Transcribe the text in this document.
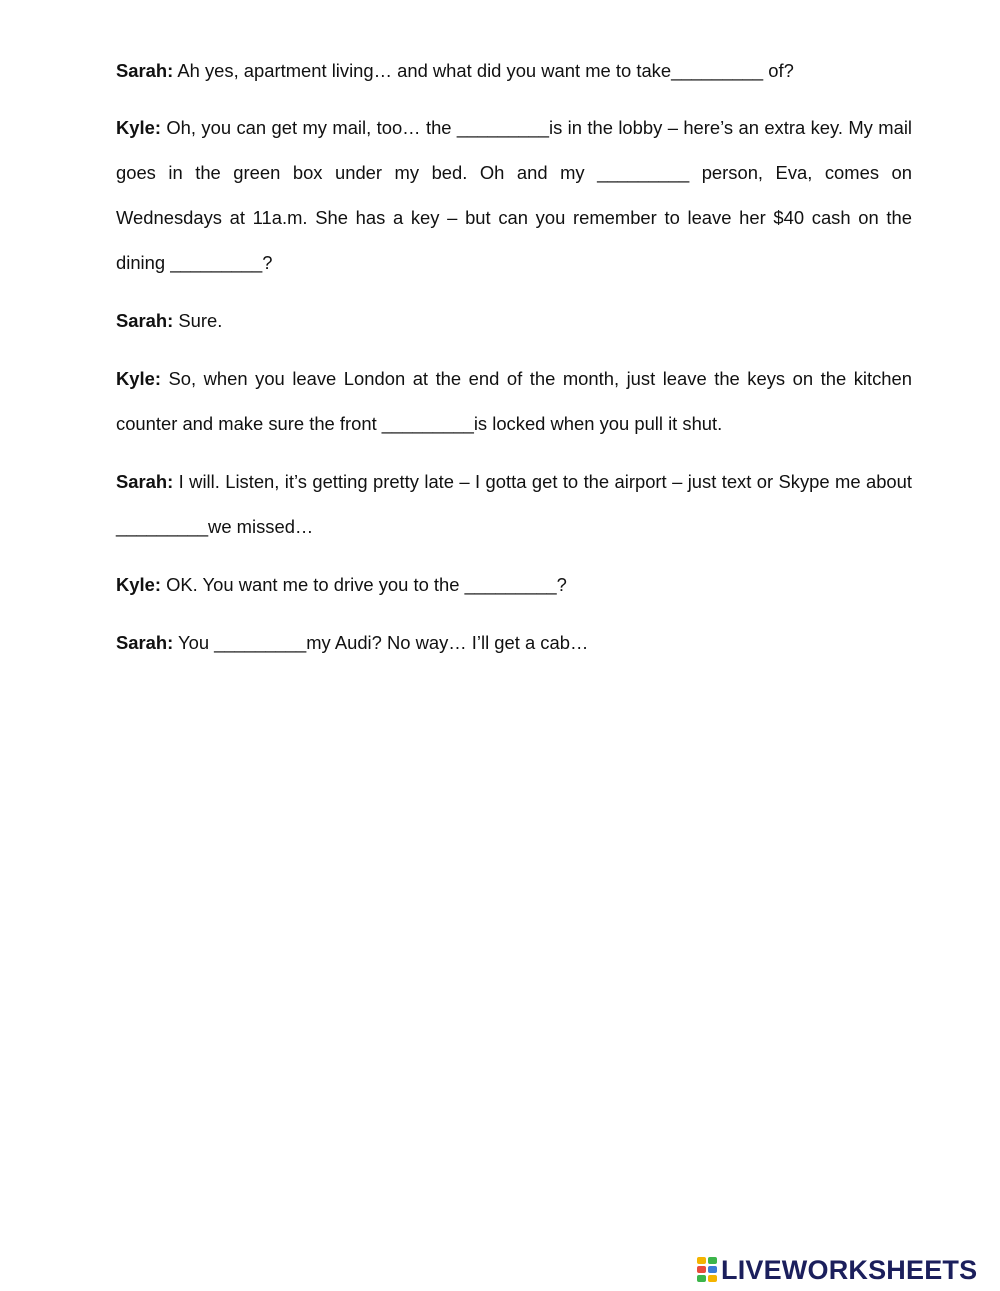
Sarah: Ah yes, apartment living… and what did you want me to take_________ of?

Kyle: Oh, you can get my mail, too… the _________is in the lobby – here’s an extra key. My mail goes in the green box under my bed. Oh and my _________ person, Eva, comes on Wednesdays at 11a.m. She has a key – but can you remember to leave her $40 cash on the dining _________?

Sarah: Sure.

Kyle: So, when you leave London at the end of the month, just leave the keys on the kitchen counter and make sure the front _________is locked when you pull it shut.

Sarah: I will. Listen, it’s getting pretty late – I gotta get to the airport – just text or Skype me about _________we missed…

Kyle: OK. You want me to drive you to the _________?

Sarah: You _________my Audi? No way… I’ll get a cab…

LIVEWORKSHEETS
